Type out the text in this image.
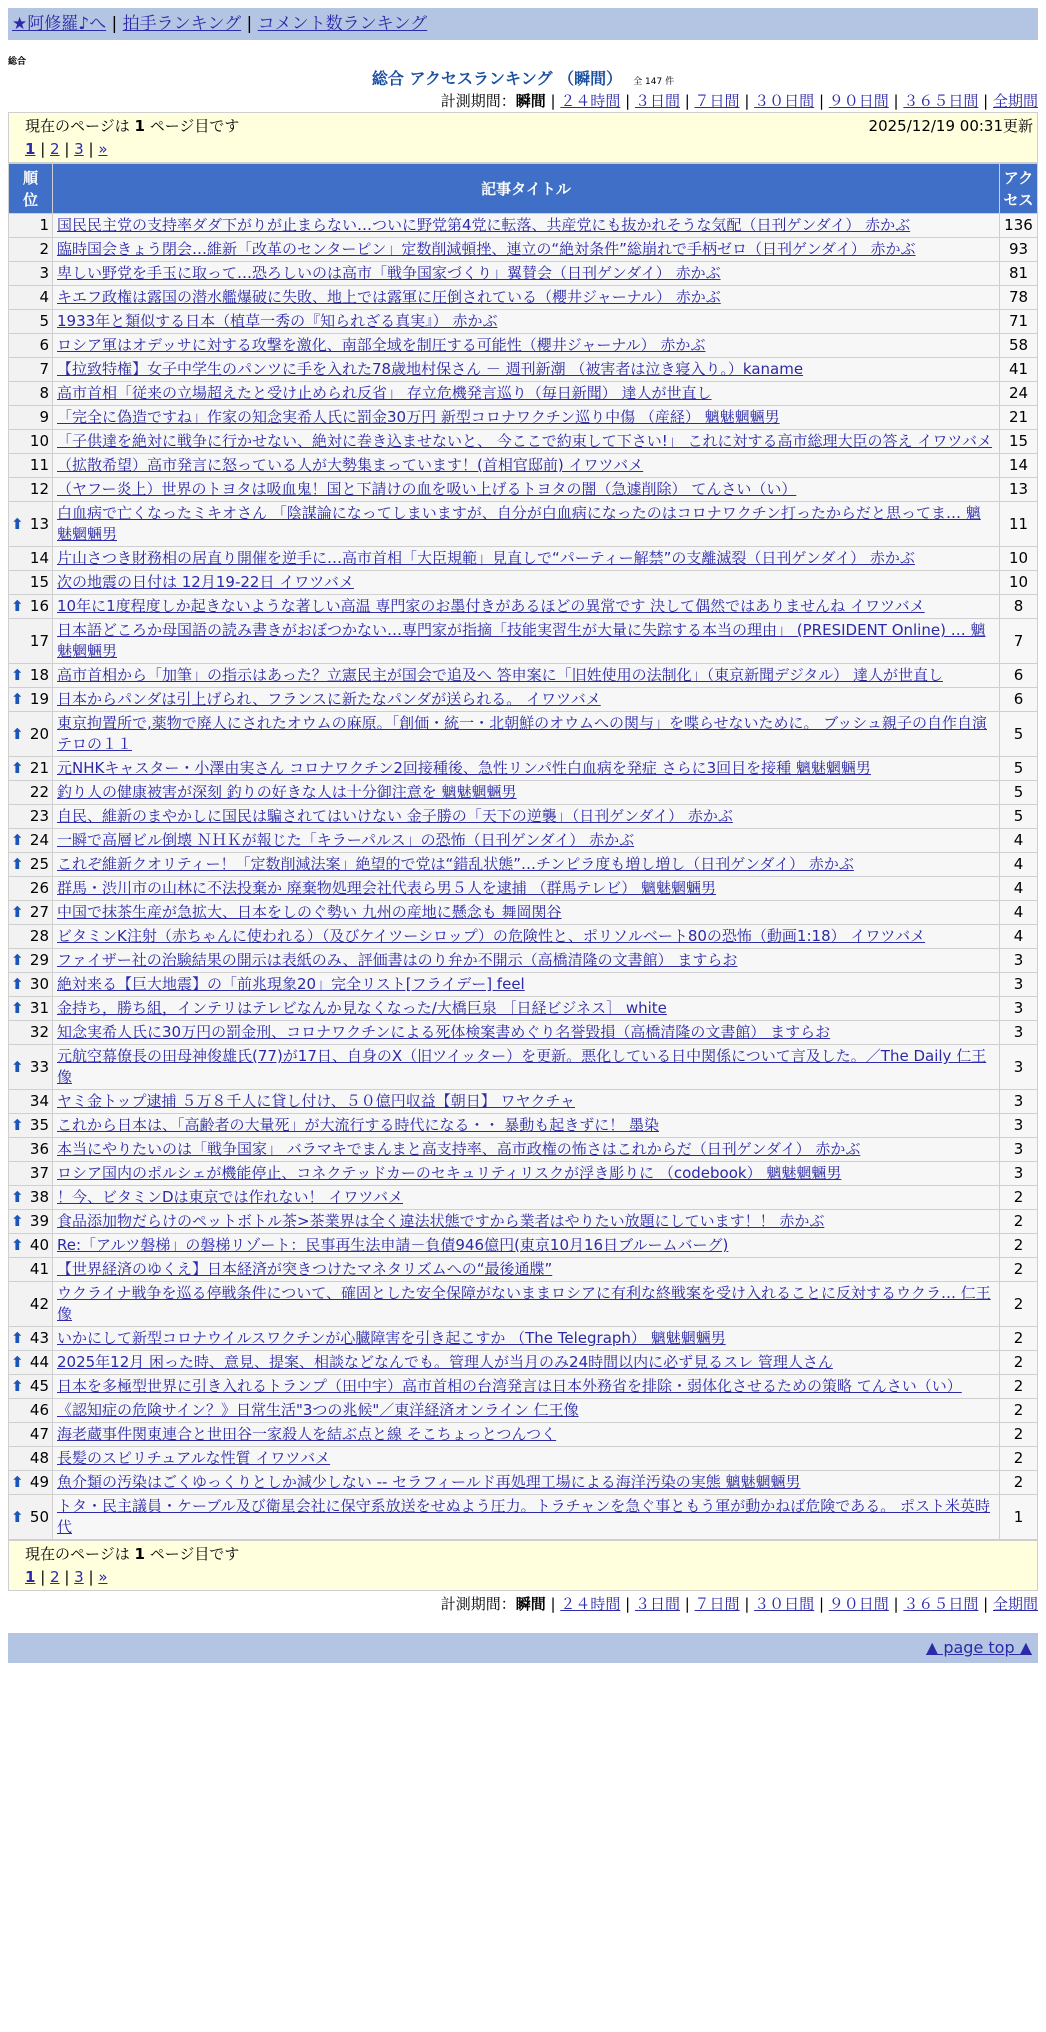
★阿修羅♪へ | 拍手ランキング | コメント数ランキング
総合
総合 アクセスランキング （瞬間） 全 147 件
計測期間：瞬間 | ２４時間 | ３日間 | ７日間 | ３０日間 | ９０日間 | ３６５日間 | 全期間
現在のページは 1 ページ目です	2025/12/19 00:31更新
1 | 2 | 3 | »
順位	記事タイトル	アクセス
1	国民民主党の支持率ダダ下がりが止まらない…ついに野党第4党に転落、共産党にも抜かれそうな気配（日刊ゲンダイ） 赤かぶ	136
2	臨時国会きょう閉会…維新「改革のセンターピン」定数削減頓挫、連立の“絶対条件”総崩れで手柄ゼロ（日刊ゲンダイ） 赤かぶ	93
3	卑しい野党を手玉に取って…恐ろしいのは高市「戦争国家づくり」翼賛会（日刊ゲンダイ） 赤かぶ	81
4	キエフ政権は露国の潜水艦爆破に失敗、地上では露軍に圧倒されている（櫻井ジャーナル） 赤かぶ	78
5	1933年と類似する日本（植草一秀の『知られざる真実』） 赤かぶ	71
6	ロシア軍はオデッサに対する攻撃を激化、南部全域を制圧する可能性（櫻井ジャーナル） 赤かぶ	58
7	【拉致特権】女子中学生のパンツに手を入れた78歳地村保さん － 週刊新潮 （被害者は泣き寝入り。）kaname	41
8	高市首相「従来の立場超えたと受け止められ反省」 存立危機発言巡り（毎日新聞） 達人が世直し	24
9	「完全に偽造ですね」作家の知念実希人氏に罰金30万円 新型コロナワクチン巡り中傷 （産経） 魑魅魍魎男	21
10	「子供達を絶対に戦争に行かせない、絶対に巻き込ませないと、 今ここで約束して下さい!」 これに対する高市総理大臣の答え イワツバメ	15
11	（拡散希望）高市発言に怒っている人が大勢集まっています！(首相官邸前) イワツバメ	14
12	（ヤフー炎上）世界のトヨタは吸血鬼！国と下請けの血を吸い上げるトヨタの闇（急遽削除） てんさい（い）	13

⬆ 13	白血病で亡くなったミキオさん 「陰謀論になってしまいますが、自分が白血病になったのはコロナワクチン打ったからだと思ってま… 魑魅魍魎男	11
14	片山さつき財務相の居直り開催を逆手に…高市首相「大臣規範」見直しで“パーティー解禁”の支離滅裂（日刊ゲンダイ） 赤かぶ	10
15	次の地震の日付は 12月19-22日 イワツバメ	10

⬆ 16	10年に1度程度しか起きないような著しい高温 専門家のお墨付きがあるほどの異常です 決して偶然ではありませんね イワツバメ	8
17	日本語どころか母国語の読み書きがおぼつかない…専門家が指摘「技能実習生が大量に失踪する本当の理由」 (PRESIDENT Online) … 魑魅魍魎男	7

⬆ 18	高市首相から「加筆」の指示はあった？立憲民主が国会で追及へ 答申案に「旧姓使用の法制化」（東京新聞デジタル） 達人が世直し	6

⬆ 19	日本からパンダは引上げられ、フランスに新たなパンダが送られる。 イワツバメ	6

⬆ 20	東京拘置所で,薬物で廃人にされたオウムの麻原。「創価・統一・北朝鮮のオウムへの関与」を喋らせないために。 ブッシュ親子の自作自演テロの１１	5

⬆ 21	元NHKキャスター・小澤由実さん コロナワクチン2回接種後、急性リンパ性白血病を発症 さらに3回目を接種 魑魅魍魎男	5
22	釣り人の健康被害が深刻 釣りの好きな人は十分御注意を 魑魅魍魎男	5
23	自民、維新のまやかしに国民は騙されてはいけない 金子勝の「天下の逆襲」（日刊ゲンダイ） 赤かぶ	5

⬆ 24	一瞬で高層ビル倒壊 ＮＨＫが報じた「キラーパルス」の恐怖（日刊ゲンダイ） 赤かぶ	4

⬆ 25	これぞ維新クオリティー！「定数削減法案」絶望的で党は“錯乱状態”…チンピラ度も増し増し（日刊ゲンダイ） 赤かぶ	4
26	群馬・渋川市の山林に不法投棄か 廃棄物処理会社代表ら男５人を逮捕 （群馬テレビ） 魑魅魍魎男	4

⬆ 27	中国で抹茶生産が急拡大、日本をしのぐ勢い 九州の産地に懸念も 舞岡関谷	4
28	ビタミンK注射（赤ちゃんに使われる）（及びケイツーシロップ）の危険性と、ポリソルベート80の恐怖（動画1:18） イワツバメ	4

⬆ 29	ファイザー社の治験結果の開示は表紙のみ、評価書はのり弁か不開示（高橋清隆の文書館） ますらお	3

⬆ 30	絶対来る【巨大地震】の「前兆現象20」完全リスト[フライデー] feel	3

⬆ 31	金持ち，勝ち組，インテリはテレビなんか見なくなった/大橋巨泉 ［日経ビジネス］ white	3
32	知念実希人氏に30万円の罰金刑、コロナワクチンによる死体検案書めぐり名誉毀損（高橋清隆の文書館） ますらお	3

⬆ 33	元航空幕僚長の田母神俊雄氏(77)が17日、自身のX（旧ツイッター）を更新。悪化している日中関係について言及した。／The Daily 仁王像	3
34	ヤミ金トップ逮捕 ５万８千人に貸し付け、５０億円収益【朝日】 ワヤクチャ	3

⬆ 35	これから日本は、「高齢者の大量死」が大流行する時代になる・・ 暴動も起きずに！ 墨染	3
36	本当にやりたいのは「戦争国家」 バラマキでまんまと高支持率、高市政権の怖さはこれからだ（日刊ゲンダイ） 赤かぶ	3
37	ロシア国内のポルシェが機能停止、コネクテッドカーのセキュリティリスクが浮き彫りに （codebook） 魑魅魍魎男	3

⬆ 38	！今、ビタミンDは東京では作れない！ イワツバメ	2

⬆ 39	食品添加物だらけのペットボトル茶>茶業界は全く違法状態ですから業者はやりたい放題にしています！！ 赤かぶ	2

⬆ 40	Re:「アルツ磐梯」の磐梯リゾート：民事再生法申請－負債946億円(東京10月16日ブルームバーグ)	2
41	【世界経済のゆくえ】日本経済が突きつけたマネタリズムへの“最後通牒”	2
42	ウクライナ戦争を巡る停戦条件について、確固とした安全保障がないままロシアに有利な終戦案を受け入れることに反対するウクラ… 仁王像	2

⬆ 43	いかにして新型コロナウイルスワクチンが心臓障害を引き起こすか （The Telegraph） 魑魅魍魎男	2

⬆ 44	2025年12月 困った時、意見、提案、相談などなんでも。管理人が当月のみ24時間以内に必ず見るスレ 管理人さん	2

⬆ 45	日本を多極型世界に引き入れるトランプ（田中宇）高市首相の台湾発言は日本外務省を排除・弱体化させるための策略 てんさい（い）	2
46	《認知症の危険サイン？》日常生活"3つの兆候"／東洋経済オンライン 仁王像	2
47	海老蔵事件関東連合と世田谷一家殺人を結ぶ点と線 そこちょっとつんつく	2
48	長髪のスピリチュアルな性質 イワツバメ	2

⬆ 49	魚介類の汚染はごくゆっくりとしか減少しない -- セラフィールド再処理工場による海洋汚染の実態 魑魅魍魎男	2

⬆ 50	トタ・民主議員・ケーブル及び衛星会社に保守系放送をせぬよう圧力。トラチャンを急ぐ事ともう軍が動かねば危険である。 ポスト米英時代	1
現在のページは 1 ページ目です
1 | 2 | 3 | »
計測期間：瞬間 | ２４時間 | ３日間 | ７日間 | ３０日間 | ９０日間 | ３６５日間 | 全期間
▲ page top ▲
